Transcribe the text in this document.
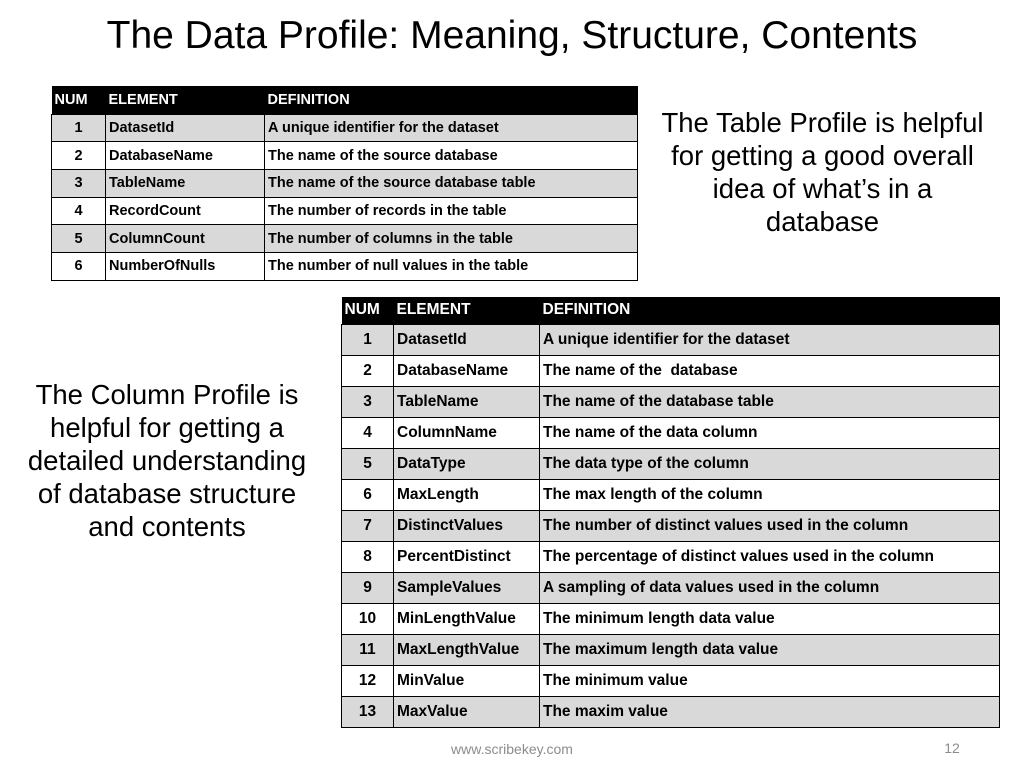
The Data Profile: Meaning, Structure, Contents
NUM	ELEMENT	DEFINITION
1	DatasetId	A unique identifier for the dataset
2	DatabaseName	The name of the source database
3	TableName	The name of the source database table
4	RecordCount	The number of records in the table
5	ColumnCount	The number of columns in the table
6	NumberOfNulls	The number of null values in the table
The Table Profile is helpful for getting a good overall idea of what’s in a database
NUM	ELEMENT	DEFINITION
1	DatasetId	A unique identifier for the dataset
2	DatabaseName	The name of the  database
3	TableName	The name of the database table
4	ColumnName	The name of the data column
5	DataType	The data type of the column
6	MaxLength	The max length of the column
7	DistinctValues	The number of distinct values used in the column
8	PercentDistinct	The percentage of distinct values used in the column
9	SampleValues	A sampling of data values used in the column
10	MinLengthValue	The minimum length data value
11	MaxLengthValue	The maximum length data value
12	MinValue	The minimum value
13	MaxValue	The maxim value
The Column Profile is helpful for getting a detailed understanding of database structure and contents
www.scribekey.com	12
